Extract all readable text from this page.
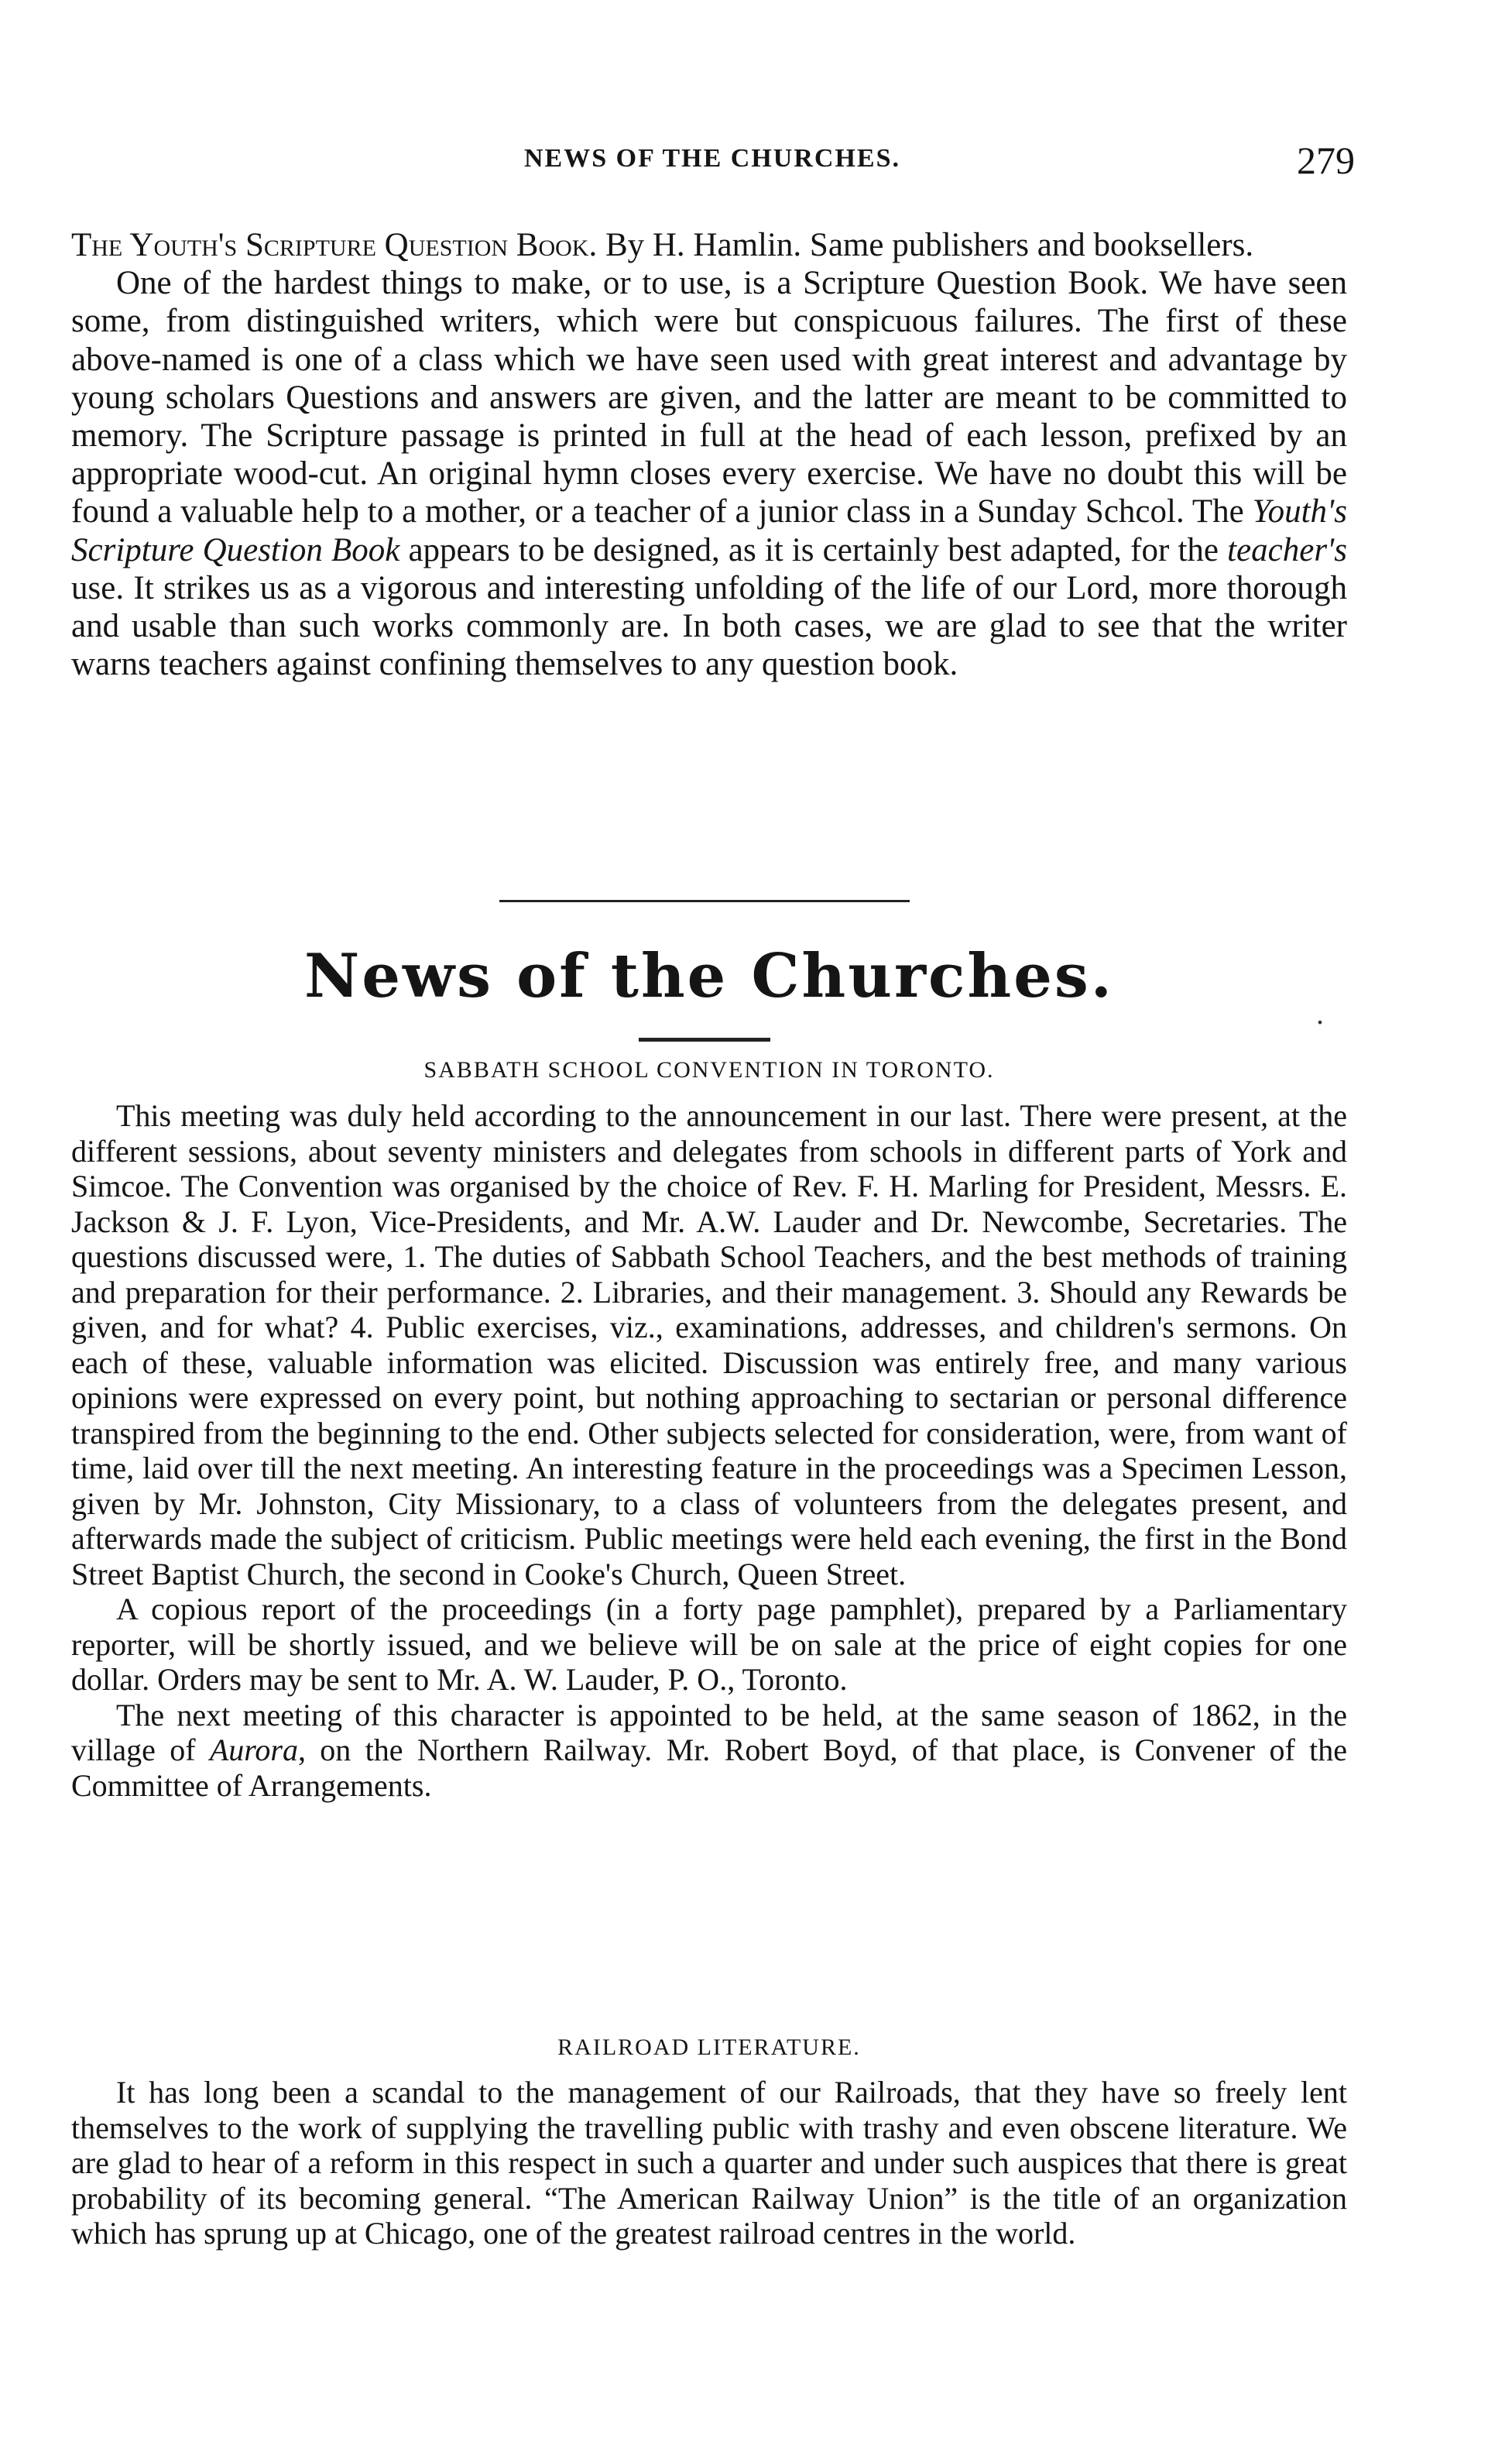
NEWS OF THE CHURCHES.	279

The Youth's Scripture Question Book. By H. Hamlin. Same publishers and booksellers.

One of the hardest things to make, or to use, is a Scripture Question Book. We have seen some, from distinguished writers, which were but conspicuous failures. The first of these above-named is one of a class which we have seen used with great interest and advantage by young scholars Questions and answers are given, and the latter are meant to be committed to memory. The Scripture passage is printed in full at the head of each lesson, prefixed by an appropriate wood-cut. An original hymn closes every exercise. We have no doubt this will be found a valuable help to a mother, or a teacher of a junior class in a Sunday Schcol. The Youth's Scripture Question Book appears to be designed, as it is certainly best adapted, for the teacher's use. It strikes us as a vigorous and interesting unfolding of the life of our Lord, more thorough and usable than such works commonly are. In both cases, we are glad to see that the writer warns teachers against confining themselves to any question book.

News of the Churches.
.
SABBATH SCHOOL CONVENTION IN TORONTO.

This meeting was duly held according to the announcement in our last. There were present, at the different sessions, about seventy ministers and delegates from schools in different parts of York and Simcoe. The Convention was organised by the choice of Rev. F. H. Marling for President, Messrs. E. Jackson & J. F. Lyon, Vice-Presidents, and Mr. A.W. Lauder and Dr. Newcombe, Secretaries. The questions discussed were, 1. The duties of Sabbath School Teachers, and the best methods of training and preparation for their performance. 2. Libraries, and their management. 3. Should any Rewards be given, and for what? 4. Public exercises, viz., examinations, addresses, and children's sermons. On each of these, valuable information was elicited. Discussion was entirely free, and many various opinions were expressed on every point, but nothing approaching to sectarian or personal difference transpired from the beginning to the end. Other subjects selected for consideration, were, from want of time, laid over till the next meeting. An interesting feature in the proceedings was a Specimen Lesson, given by Mr. Johnston, City Missionary, to a class of volunteers from the delegates present, and afterwards made the subject of criticism. Public meetings were held each evening, the first in the Bond Street Baptist Church, the second in Cooke's Church, Queen Street.

A copious report of the proceedings (in a forty page pamphlet), prepared by a Parliamentary reporter, will be shortly issued, and we believe will be on sale at the price of eight copies for one dollar. Orders may be sent to Mr. A. W. Lauder, P. O., Toronto.

The next meeting of this character is appointed to be held, at the same season of 1862, in the village of Aurora, on the Northern Railway. Mr. Robert Boyd, of that place, is Convener of the Committee of Arrangements.

RAILROAD LITERATURE.

It has long been a scandal to the management of our Railroads, that they have so freely lent themselves to the work of supplying the travelling public with trashy and even obscene literature. We are glad to hear of a reform in this respect in such a quarter and under such auspices that there is great probability of its becoming general. “The American Railway Union” is the title of an organization which has sprung up at Chicago, one of the greatest railroad centres in the world.
